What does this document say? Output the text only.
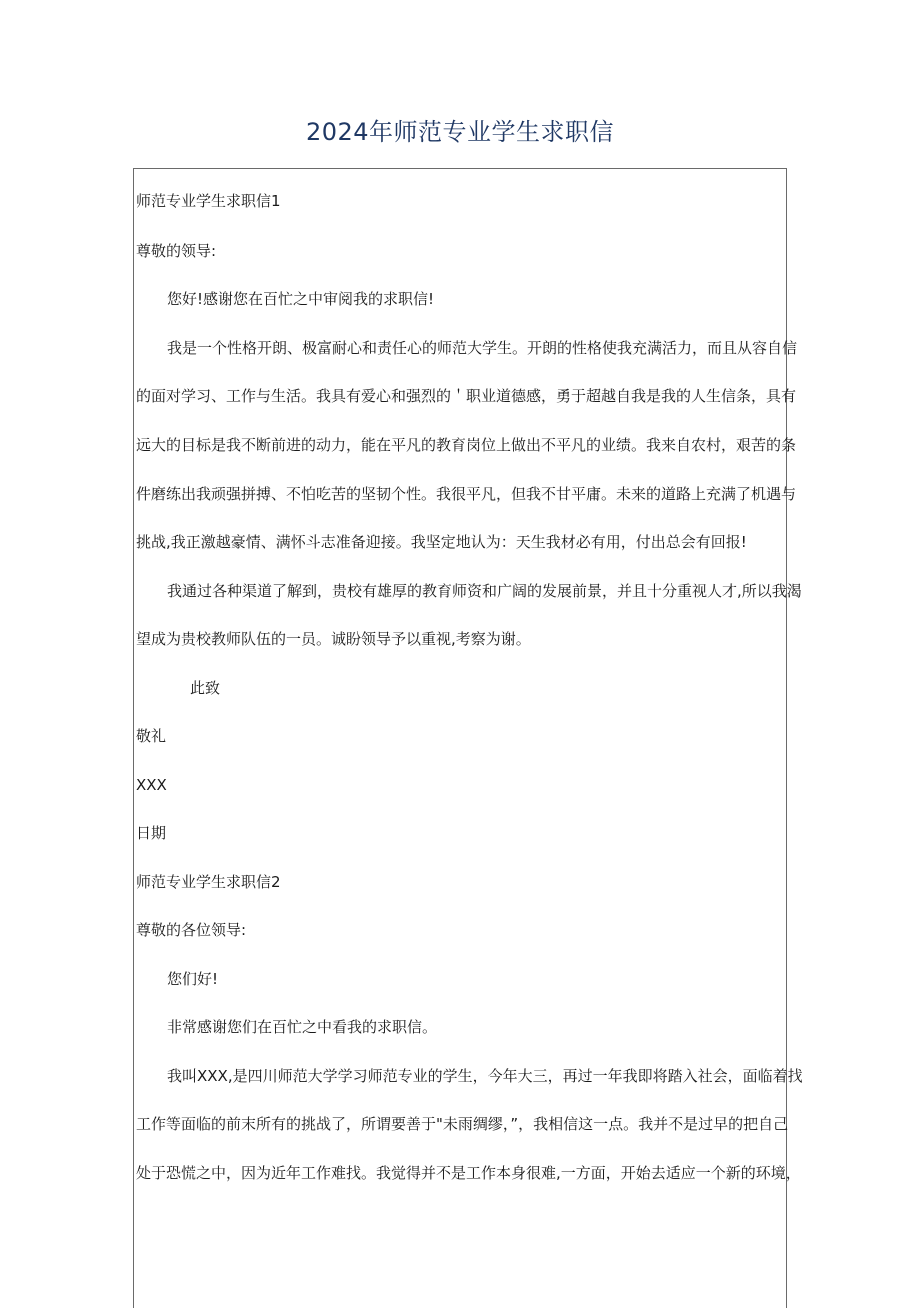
2024年师范专业学生求职信

师范专业学生求职信1

尊敬的领导:

您好!感谢您在百忙之中审阅我的求职信!

我是一个性格开朗、极富耐心和责任心的师范大学生。开朗的性格使我充满活力，而且从容自信

的面对学习、工作与生活。我具有爱心和强烈的＇职业道德感，勇于超越自我是我的人生信条，具有

远大的目标是我不断前进的动力，能在平凡的教育岗位上做出不平凡的业绩。我来自农村，艰苦的条

件磨练出我顽强拼搏、不怕吃苦的坚韧个性。我很平凡，但我不甘平庸。未来的道路上充满了机遇与

挑战,我正激越豪情、满怀斗志准备迎接。我坚定地认为：天生我材必有用，付出总会有回报!

我通过各种渠道了解到，贵校有雄厚的教育师资和广阔的发展前景，并且十分重视人才,所以我渴

望成为贵校教师队伍的一员。诚盼领导予以重视,考察为谢。

此致

敬礼

XXX

日期

师范专业学生求职信2

尊敬的各位领导:

您们好!

非常感谢您们在百忙之中看我的求职信。

我叫XXX,是四川师范大学学习师范专业的学生，今年大三，再过一年我即将踏入社会，面临着找

工作等面临的前末所有的挑战了，所谓要善于"未雨绸缪，”，我相信这一点。我并不是过早的把自己

处于恐慌之中，因为近年工作难找。我觉得并不是工作本身很难,一方面，开始去适应一个新的环境，
